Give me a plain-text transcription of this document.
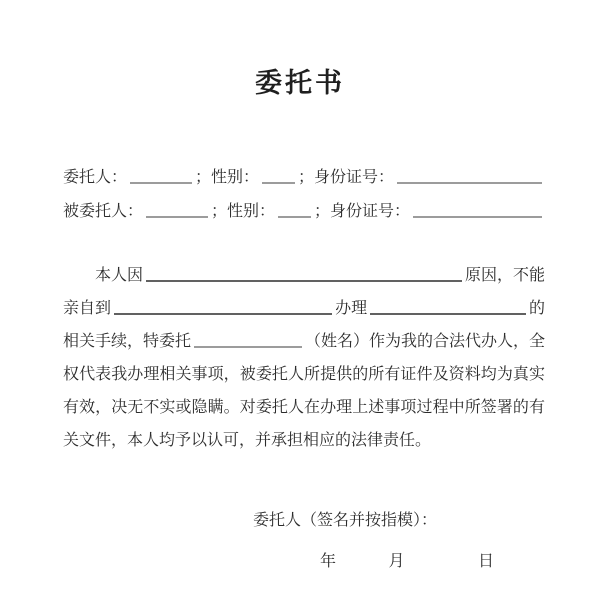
委托书
委托人：	；性别： ；身份证号：
被委托人：	；性别： ；身份证号：
本人因	原因，不能
亲自到	办理	的
相关手续，特委托	（姓名）作为我的合法代办人，全
权代表我办理相关事项，被委托人所提供的所有证件及资料均为真实
有效，决无不实或隐瞒。对委托人在办理上述事项过程中所签署的有
关文件，本人均予以认可，并承担相应的法律责任。
委托人（签名并按指模）：
年	月	日
